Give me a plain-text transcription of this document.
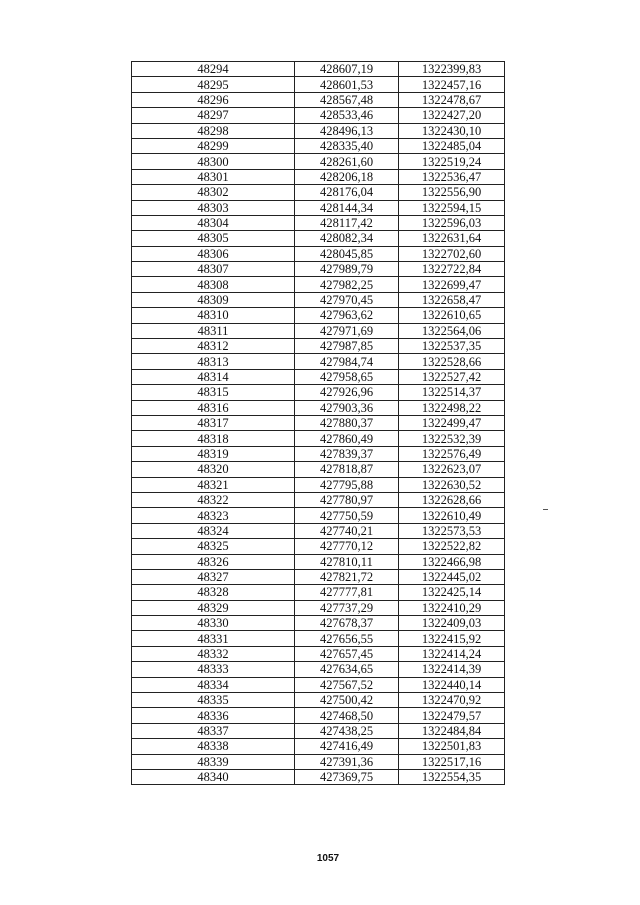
48294	428607,19	1322399,83
48295	428601,53	1322457,16
48296	428567,48	1322478,67
48297	428533,46	1322427,20
48298	428496,13	1322430,10
48299	428335,40	1322485,04
48300	428261,60	1322519,24
48301	428206,18	1322536,47
48302	428176,04	1322556,90
48303	428144,34	1322594,15
48304	428117,42	1322596,03
48305	428082,34	1322631,64
48306	428045,85	1322702,60
48307	427989,79	1322722,84
48308	427982,25	1322699,47
48309	427970,45	1322658,47
48310	427963,62	1322610,65
48311	427971,69	1322564,06
48312	427987,85	1322537,35
48313	427984,74	1322528,66
48314	427958,65	1322527,42
48315	427926,96	1322514,37
48316	427903,36	1322498,22
48317	427880,37	1322499,47
48318	427860,49	1322532,39
48319	427839,37	1322576,49
48320	427818,87	1322623,07
48321	427795,88	1322630,52
48322	427780,97	1322628,66
48323	427750,59	1322610,49
48324	427740,21	1322573,53
48325	427770,12	1322522,82
48326	427810,11	1322466,98
48327	427821,72	1322445,02
48328	427777,81	1322425,14
48329	427737,29	1322410,29
48330	427678,37	1322409,03
48331	427656,55	1322415,92
48332	427657,45	1322414,24
48333	427634,65	1322414,39
48334	427567,52	1322440,14
48335	427500,42	1322470,92
48336	427468,50	1322479,57
48337	427438,25	1322484,84
48338	427416,49	1322501,83
48339	427391,36	1322517,16
48340	427369,75	1322554,35
1057
